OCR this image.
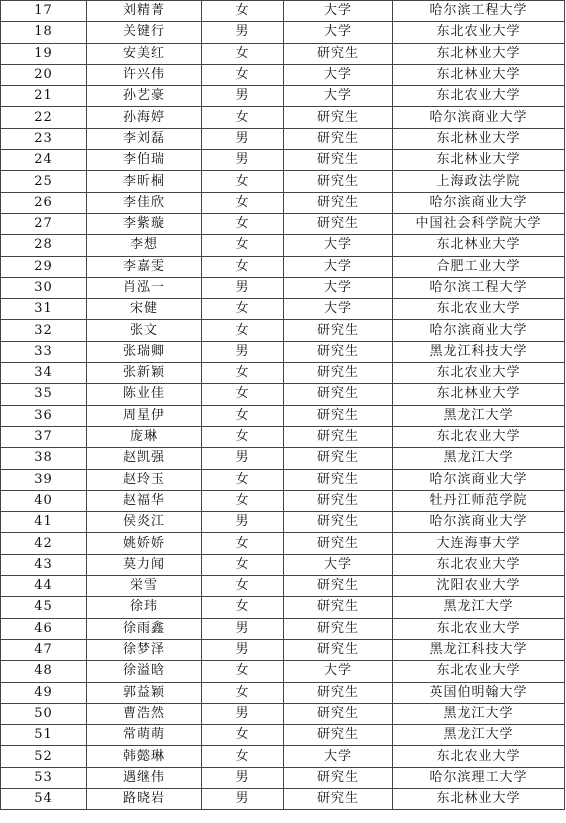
17	刘精菁	女	大学	哈尔滨工程大学
18	关键行	男	大学	东北农业大学
19	安美红	女	研究生	东北林业大学
20	许兴伟	女	大学	东北林业大学
21	孙艺豪	男	大学	东北农业大学
22	孙海婷	女	研究生	哈尔滨商业大学
23	李刘磊	男	研究生	东北林业大学
24	李伯瑞	男	研究生	东北林业大学
25	李昕桐	女	研究生	上海政法学院
26	李佳欣	女	研究生	哈尔滨商业大学
27	李紫璇	女	研究生	中国社会科学院大学
28	李想	女	大学	东北林业大学
29	李嘉雯	女	大学	合肥工业大学
30	肖泓一	男	大学	哈尔滨工程大学
31	宋健	女	大学	东北农业大学
32	张文	女	研究生	哈尔滨商业大学
33	张瑞卿	男	研究生	黑龙江科技大学
34	张新颖	女	研究生	东北农业大学
35	陈业佳	女	研究生	东北林业大学
36	周星伊	女	研究生	黑龙江大学
37	庞琳	女	研究生	东北农业大学
38	赵凯强	男	研究生	黑龙江大学
39	赵玲玉	女	研究生	哈尔滨商业大学
40	赵福华	女	研究生	牡丹江师范学院
41	侯炎江	男	研究生	哈尔滨商业大学
42	姚娇娇	女	研究生	大连海事大学
43	莫力闻	女	大学	东北农业大学
44	栄雪	女	研究生	沈阳农业大学
45	徐玮	女	研究生	黑龙江大学
46	徐雨鑫	男	研究生	东北农业大学
47	徐梦泽	男	研究生	黑龙江科技大学
48	徐溢晗	女	大学	东北农业大学
49	郭益颖	女	研究生	英国伯明翰大学
50	曹浩然	男	研究生	黑龙江大学
51	常萌萌	女	研究生	黑龙江大学
52	韩懿琳	女	大学	东北农业大学
53	遇继伟	男	研究生	哈尔滨理工大学
54	路晓岩	男	研究生	东北林业大学
